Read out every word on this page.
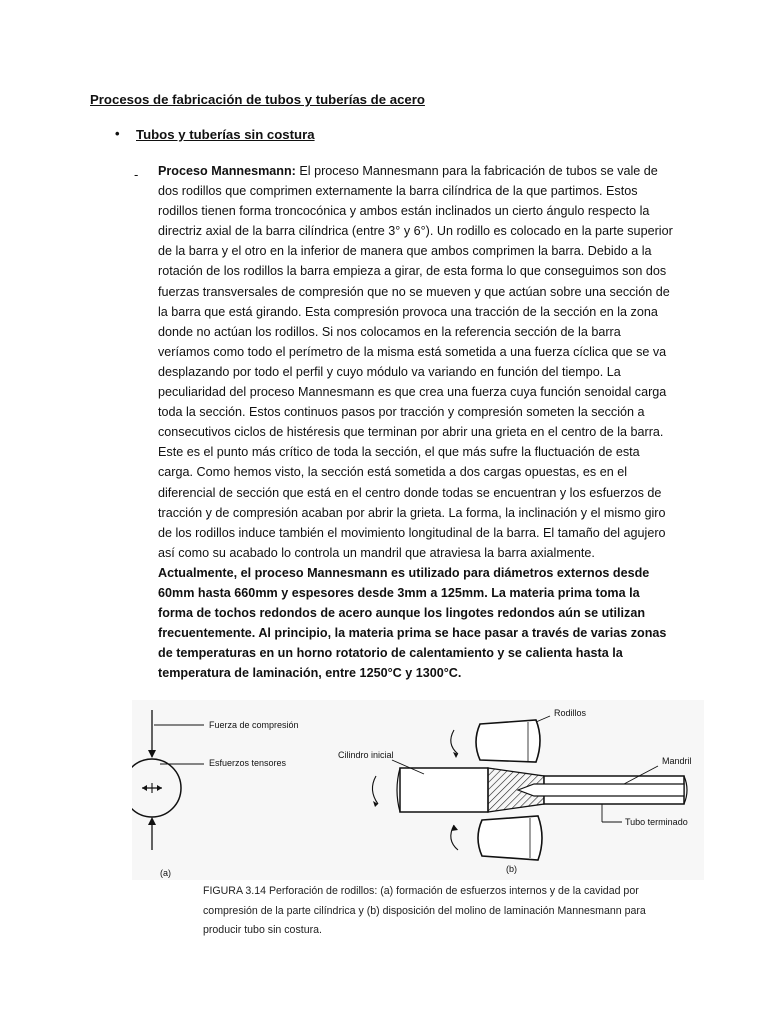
Procesos de fabricación de tubos y tuberías de acero
• Tubos y tuberías sin costura
- Proceso Mannesmann: El proceso Mannesmann para la fabricación de tubos se vale de dos rodillos que comprimen externamente la barra cilíndrica de la que partimos. Estos rodillos tienen forma troncocónica y ambos están inclinados un cierto ángulo respecto la directriz axial de la barra cilíndrica (entre 3° y 6°). Un rodillo es colocado en la parte superior de la barra y el otro en la inferior de manera que ambos comprimen la barra. Debido a la rotación de los rodillos la barra empieza a girar, de esta forma lo que conseguimos son dos fuerzas transversales de compresión que no se mueven y que actúan sobre una sección de la barra que está girando. Esta compresión provoca una tracción de la sección en la zona donde no actúan los rodillos. Si nos colocamos en la referencia sección de la barra veríamos como todo el perímetro de la misma está sometida a una fuerza cíclica que se va desplazando por todo el perfil y cuyo módulo va variando en función del tiempo. La peculiaridad del proceso Mannesmann es que crea una fuerza cuya función senoidal carga toda la sección. Estos continuos pasos por tracción y compresión someten la sección a consecutivos ciclos de histéresis que terminan por abrir una grieta en el centro de la barra. Este es el punto más crítico de toda la sección, el que más sufre la fluctuación de esta carga. Como hemos visto, la sección está sometida a dos cargas opuestas, es en el diferencial de sección que está en el centro donde todas se encuentran y los esfuerzos de tracción y de compresión acaban por abrir la grieta. La forma, la inclinación y el mismo giro de los rodillos induce también el movimiento longitudinal de la barra. El tamaño del agujero así como su acabado lo controla un mandril que atraviesa la barra axialmente.

Actualmente, el proceso Mannesmann es utilizado para diámetros externos desde 60mm hasta 660mm y espesores desde 3mm a 125mm. La materia prima toma la forma de tochos redondos de acero aunque los lingotes redondos aún se utilizan frecuentemente. Al principio, la materia prima se hace pasar a través de varias zonas de temperaturas en un horno rotatorio de calentamiento y se calienta hasta la temperatura de laminación, entre 1250°C y 1300°C.

Fuerza de compresión
Esfuerzos tensores
(a)
Rodillos
Cilindro inicial
Mandril
Tubo terminado
(b)
FIGURA 3.14 Perforación de rodillos: (a) formación de esfuerzos internos y de la cavidad por compresión de la parte cilíndrica y (b) disposición del molino de laminación Mannesmann para producir tubo sin costura.
